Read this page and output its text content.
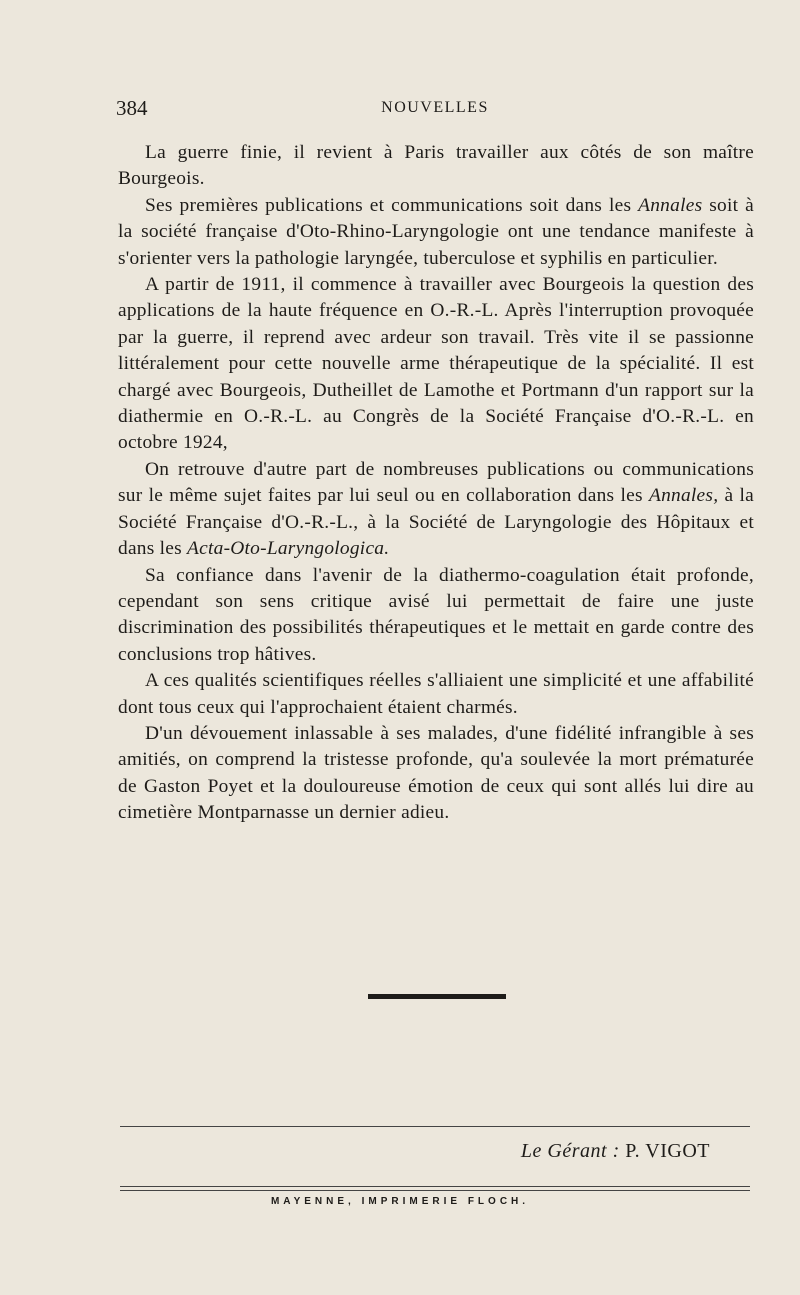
384	NOUVELLES

La guerre finie, il revient à Paris travailler aux côtés de son maître Bourgeois.

Ses premières publications et communications soit dans les Annales soit à la société française d'Oto-Rhino-Laryngologie ont une tendance manifeste à s'orienter vers la pathologie laryngée, tuberculose et syphilis en particulier.

A partir de 1911, il commence à travailler avec Bourgeois la question des applications de la haute fréquence en O.-R.-L. Après l'interruption provoquée par la guerre, il reprend avec ardeur son travail. Très vite il se passionne littéralement pour cette nouvelle arme thérapeutique de la spécialité. Il est chargé avec Bourgeois, Dutheillet de Lamothe et Portmann d'un rapport sur la diathermie en O.-R.-L. au Congrès de la Société Française d'O.-R.-L. en octobre 1924,

On retrouve d'autre part de nombreuses publications ou communications sur le même sujet faites par lui seul ou en collaboration dans les Annales, à la Société Française d'O.-R.-L., à la Société de Laryngologie des Hôpitaux et dans les Acta-Oto-Laryngologica.

Sa confiance dans l'avenir de la diathermo-coagulation était profonde, cependant son sens critique avisé lui permettait de faire une juste discrimination des possibilités thérapeutiques et le mettait en garde contre des conclusions trop hâtives.

A ces qualités scientifiques réelles s'alliaient une simplicité et une affabilité dont tous ceux qui l'approchaient étaient charmés.

D'un dévouement inlassable à ses malades, d'une fidélité infrangible à ses amitiés, on comprend la tristesse profonde, qu'a soulevée la mort prématurée de Gaston Poyet et la douloureuse émotion de ceux qui sont allés lui dire au cimetière Montparnasse un dernier adieu.

Le Gérant : P. VIGOT
MAYENNE, IMPRIMERIE FLOCH.
